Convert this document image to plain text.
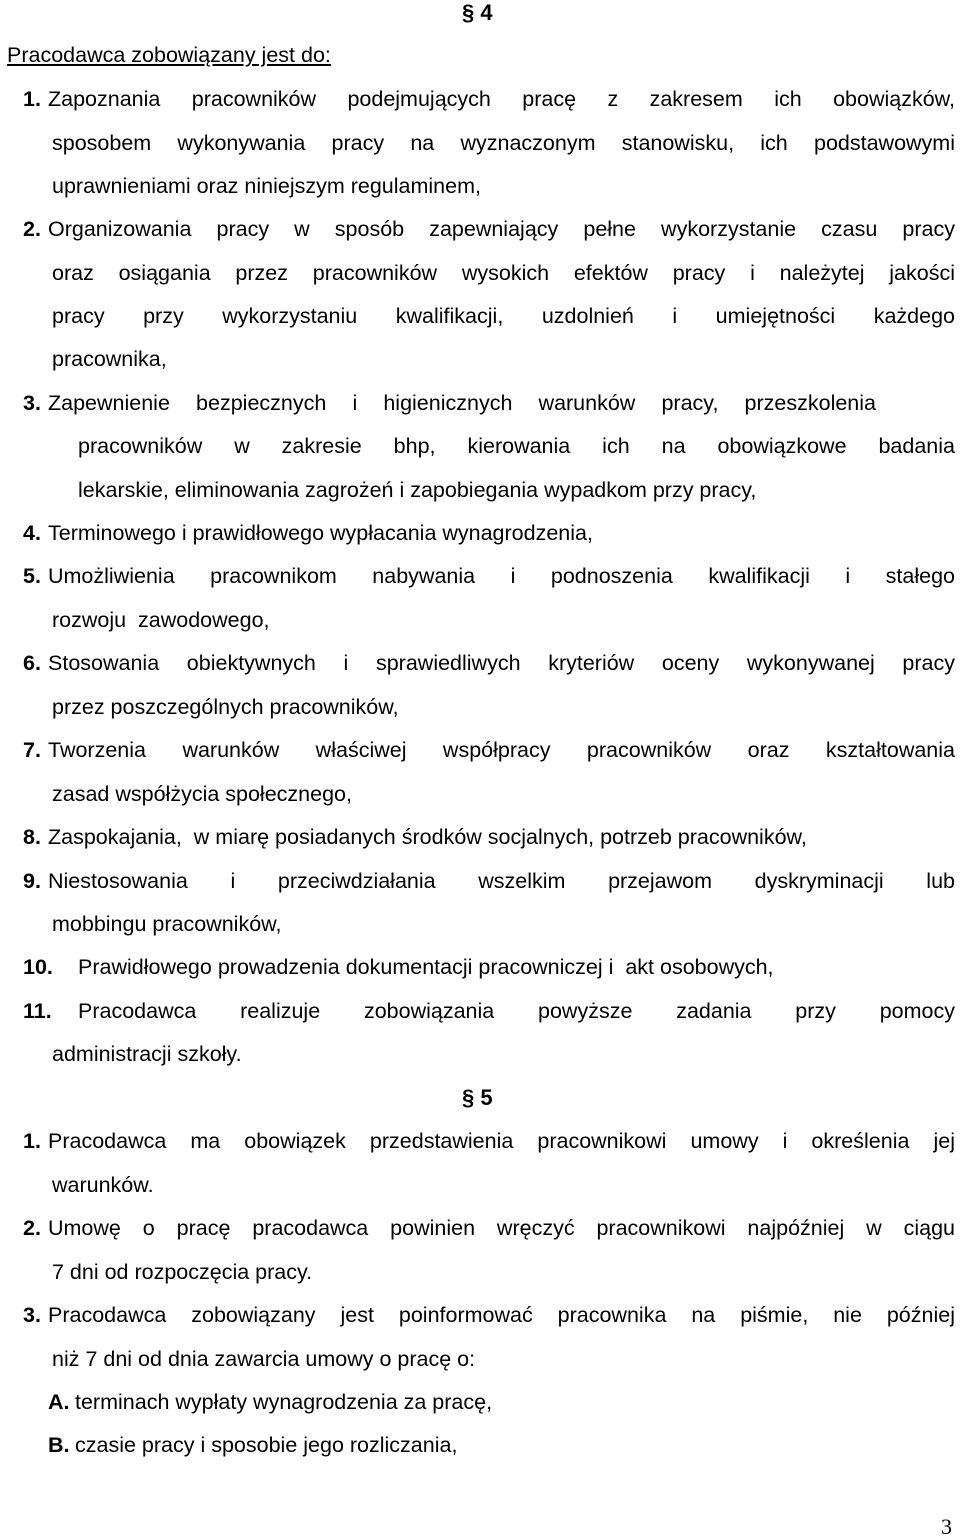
§ 4
Pracodawca zobowiązany jest do:
1. Zapoznania pracowników podejmujących pracę z zakresem ich obowiązków,
sposobem wykonywania pracy na wyznaczonym stanowisku, ich podstawowymi
uprawnieniami oraz niniejszym regulaminem,
2. Organizowania pracy w sposób zapewniający pełne wykorzystanie czasu pracy
oraz osiągania przez pracowników wysokich efektów pracy i należytej jakości
pracy przy wykorzystaniu kwalifikacji, uzdolnień i umiejętności każdego
pracownika,
3. Zapewnienie bezpiecznych i higienicznych warunków pracy, przeszkolenia
pracowników w zakresie bhp, kierowania ich na obowiązkowe badania
lekarskie, eliminowania zagrożeń i zapobiegania wypadkom przy pracy,
4. Terminowego i prawidłowego wypłacania wynagrodzenia,
5. Umożliwienia pracownikom nabywania i podnoszenia kwalifikacji i stałego
rozwoju  zawodowego,
6. Stosowania obiektywnych i sprawiedliwych kryteriów oceny wykonywanej pracy
przez poszczególnych pracowników,
7. Tworzenia warunków właściwej współpracy pracowników oraz kształtowania
zasad współżycia społecznego,
8. Zaspokajania,  w miarę posiadanych środków socjalnych, potrzeb pracowników,
9. Niestosowania i przeciwdziałania wszelkim przejawom dyskryminacji lub
mobbingu pracowników,
10. Prawidłowego prowadzenia dokumentacji pracowniczej i  akt osobowych,
11. Pracodawca realizuje zobowiązania powyższe zadania przy pomocy
administracji szkoły.
§ 5
1. Pracodawca ma obowiązek przedstawienia pracownikowi umowy i określenia jej
warunków.
2. Umowę o pracę pracodawca powinien wręczyć pracownikowi najpóźniej w ciągu
7 dni od rozpoczęcia pracy.
3. Pracodawca zobowiązany jest poinformować pracownika na piśmie, nie później
niż 7 dni od dnia zawarcia umowy o pracę o:
A. terminach wypłaty wynagrodzenia za pracę,
B. czasie pracy i sposobie jego rozliczania,
3
